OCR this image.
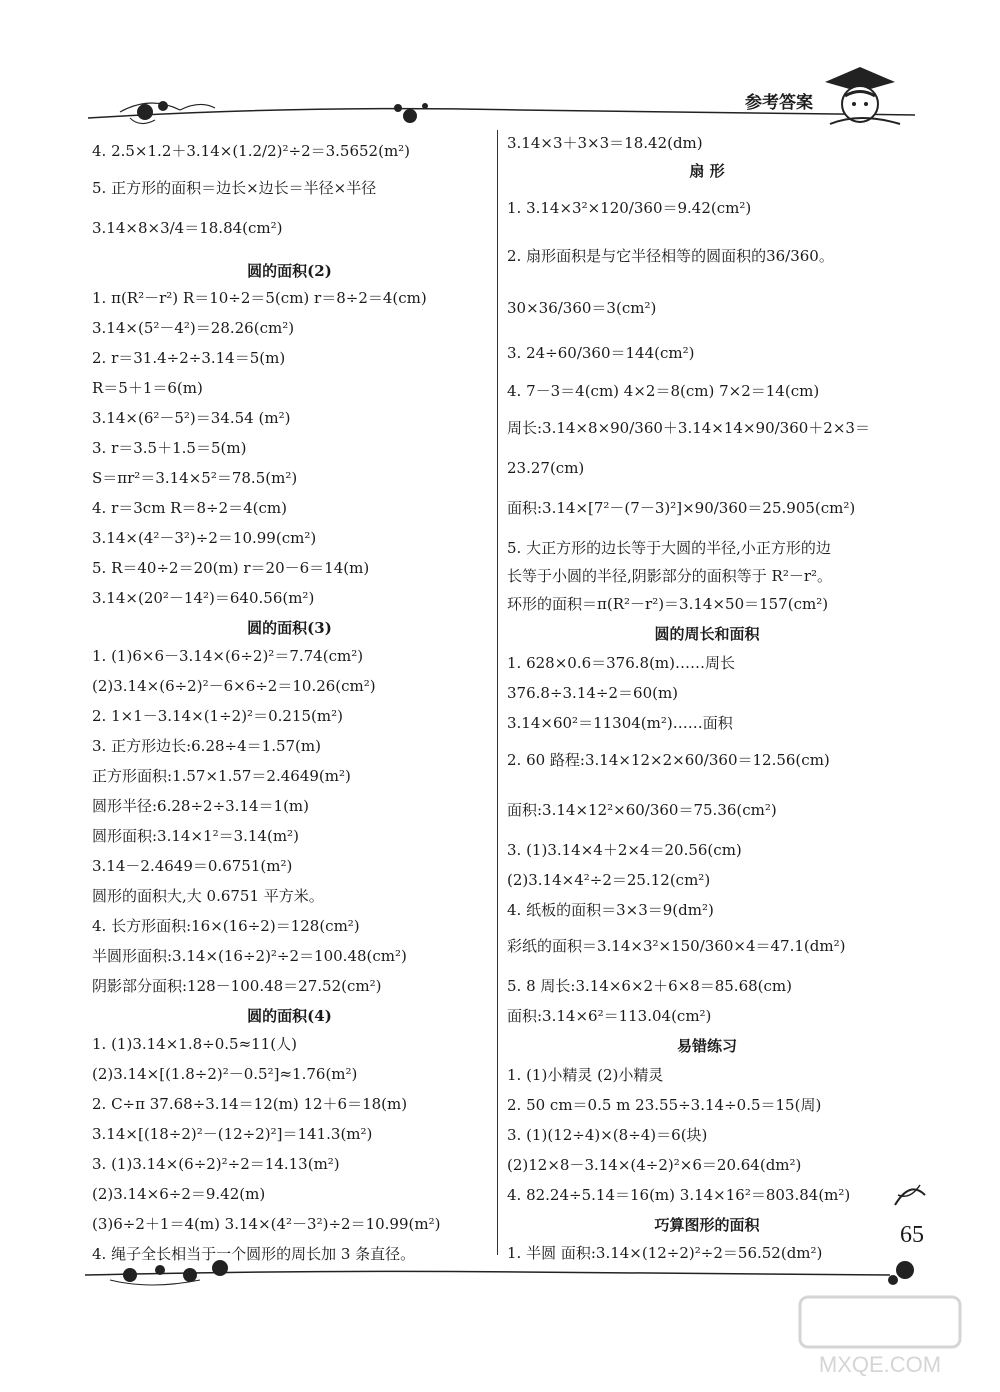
参考答案
4. 2.5×1.2＋3.14×(1.2/2)²÷2＝3.5652(m²)
5. 正方形的面积＝边长×边长＝半径×半径
3.14×8×3/4＝18.84(cm²)
圆的面积(2)
1. π(R²－r²) R＝10÷2＝5(cm) r＝8÷2＝4(cm)
3.14×(5²－4²)＝28.26(cm²)
2. r＝31.4÷2÷3.14＝5(m)
R＝5＋1＝6(m)
3.14×(6²－5²)＝34.54 (m²)
3. r＝3.5＋1.5＝5(m)
S＝πr²＝3.14×5²＝78.5(m²)
4. r＝3cm R＝8÷2＝4(cm)
3.14×(4²－3²)÷2＝10.99(cm²)
5. R＝40÷2＝20(m) r＝20－6＝14(m)
3.14×(20²－14²)＝640.56(m²)
圆的面积(3)
1. (1)6×6－3.14×(6÷2)²＝7.74(cm²)
(2)3.14×(6÷2)²－6×6÷2＝10.26(cm²)
2. 1×1－3.14×(1÷2)²＝0.215(m²)
3. 正方形边长:6.28÷4＝1.57(m)
正方形面积:1.57×1.57＝2.4649(m²)
圆形半径:6.28÷2÷3.14＝1(m)
圆形面积:3.14×1²＝3.14(m²)
3.14－2.4649＝0.6751(m²)
圆形的面积大,大 0.6751 平方米。
4. 长方形面积:16×(16÷2)＝128(cm²)
半圆形面积:3.14×(16÷2)²÷2＝100.48(cm²)
阴影部分面积:128－100.48＝27.52(cm²)
圆的面积(4)
1. (1)3.14×1.8÷0.5≈11(人)
(2)3.14×[(1.8÷2)²－0.5²]≈1.76(m²)
2. C÷π 37.68÷3.14＝12(m) 12＋6＝18(m)
3.14×[(18÷2)²－(12÷2)²]＝141.3(m²)
3. (1)3.14×(6÷2)²÷2＝14.13(m²)
(2)3.14×6÷2＝9.42(m)
(3)6÷2＋1＝4(m) 3.14×(4²－3²)÷2＝10.99(m²)
4. 绳子全长相当于一个圆形的周长加 3 条直径。
3.14×3＋3×3＝18.42(dm)
扇 形
1. 3.14×3²×120/360＝9.42(cm²)
2. 扇形面积是与它半径相等的圆面积的36/360。
30×36/360＝3(cm²)
3. 24÷60/360＝144(cm²)
4. 7－3＝4(cm) 4×2＝8(cm) 7×2＝14(cm)
周长:3.14×8×90/360＋3.14×14×90/360＋2×3＝
23.27(cm)
面积:3.14×[7²－(7－3)²]×90/360＝25.905(cm²)
5. 大正方形的边长等于大圆的半径,小正方形的边
长等于小圆的半径,阴影部分的面积等于 R²－r²。
环形的面积＝π(R²－r²)＝3.14×50＝157(cm²)
圆的周长和面积
1. 628×0.6＝376.8(m)……周长
376.8÷3.14÷2＝60(m)
3.14×60²＝11304(m²)……面积
2. 60 路程:3.14×12×2×60/360＝12.56(cm)
面积:3.14×12²×60/360＝75.36(cm²)
3. (1)3.14×4＋2×4＝20.56(cm)
(2)3.14×4²÷2＝25.12(cm²)
4. 纸板的面积＝3×3＝9(dm²)
彩纸的面积＝3.14×3²×150/360×4＝47.1(dm²)
5. 8 周长:3.14×6×2＋6×8＝85.68(cm)
面积:3.14×6²＝113.04(cm²)
易错练习
1. (1)小精灵 (2)小精灵
2. 50 cm＝0.5 m 23.55÷3.14÷0.5＝15(周)
3. (1)(12÷4)×(8÷4)＝6(块)
(2)12×8－3.14×(4÷2)²×6＝20.64(dm²)
4. 82.24÷5.14＝16(m) 3.14×16²＝803.84(m²)
巧算图形的面积
1. 半圆 面积:3.14×(12÷2)²÷2＝56.52(dm²)
65
MXQE.COM
